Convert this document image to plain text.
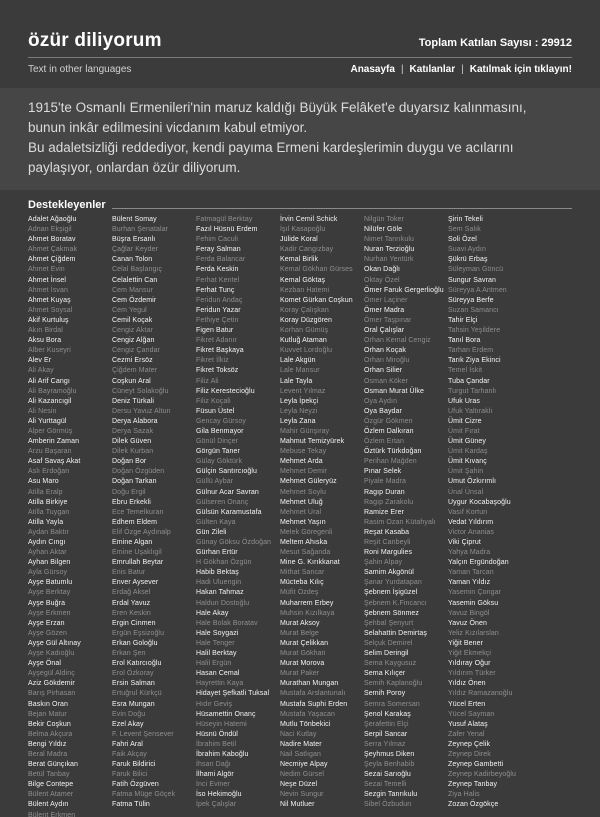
özür diliyorum	Toplam Katılan Sayısı : 29912
Text in other languages	Anasayfa | Katılanlar | Katılmak için tıklayın!
1915'te Osmanlı Ermenileri'nin maruz kaldığı Büyük Felâket'e duyarsız kalınmasını,
bunun inkâr edilmesini vicdanım kabul etmiyor.
Bu adaletsizliği reddediyor, kendi payıma Ermeni kardeşlerimin duygu ve acılarını
paylaşıyor, onlardan özür diliyorum.
Destekleyenler
Adalet Ağaoğlu
Adnan Ekşigil
Ahmet Boratav
Ahmet Çakmak
Ahmet Çiğdem
Ahmet Evin
Ahmet İnsel
Ahmet İsvan
Ahmet Kuyaş
Ahmet Soysal
Akif Kurtuluş
Akın Birdal
Aksu Bora
Alber Kuseyri
Alev Er
Ali Akay
Ali Arif Cangı
Ali Bayramoğlu
Ali Kazancıgil
Ali Nesin
Ali Yurttagül
Alper Görmüş
Amberin Zaman
Arzu Başaran
Asaf Savaş Akat
Aslı Erdoğan
Asu Maro
Atilla Eralp
Atilla Birkiye
Atilla Tuygan
Atilla Yayla
Aydan Baktır
Aydın Cıngı
Ayhan Aktar
Ayhan Bilgen
Ayla Gürsoy
Ayşe Batumlu
Ayşe Berktay
Ayşe Buğra
Ayşe Erkmen
Ayşe Erzan
Ayşe Gözen
Ayşe Gül Altınay
Ayşe Kadıoğlu
Ayşe Önal
Ayşegül Aldinç
Aziz Gökdemir
Barış Pirhasan
Baskın Oran
Bejan Matur
Bekir Coşkun
Belma Akçura
Bengi Yıldız
Beral Madra
Berat Günçıkan
Betül Tanbay
Bilge Contepe
Bülent Atamer
Bülent Aydın
Bülent Erkmen
Bülent Somay
Burhan Şenatalar
Büşra Ersanlı
Çağlar Keyder
Canan Tolon
Celal Başlangıç
Celalettin Can
Cem Mansur
Cem Özdemir
Cem Yegul
Cemil Koçak
Cengiz Aktar
Cengiz Alğan
Cengiz Çandar
Cezmi Ersöz
Çiğdem Mater
Coşkun Aral
Cüneyt Solakoğlu
Deniz Türkali
Dersu Yavuz Altun
Derya Alabora
Derya Sazak
Dilek Güven
Dilek Kurban
Doğan Bor
Doğan Özgüden
Doğan Tarkan
Doğu Ergil
Ebru Erkekli
Ece Temelkuran
Edhem Eldem
Elif Özge Aydınalp
Emine Algan
Emine Uşaklıgil
Emrullah Beytar
Enis Batur
Enver Aysever
Erdağ Aksel
Erdal Yavuz
Eren Keskin
Ergin Cinmen
Ergün Eşsizoğlu
Erkan Goloğlu
Erkan Şen
Erol Katırcıoğlu
Erol Özkoray
Ersin Salman
Ertuğrul Kürkçü
Esra Mungan
Evin Doğu
Ezel Akay
F. Levent Şensever
Fahri Aral
Faik Akçay
Faruk Bildirici
Faruk Bilici
Fatih Özgüven
Fatma Müge Göçek
Fatma Tülin
Fatmagül Berktay
Fazıl Hüsnü Erdem
Fehim Caculi
Feray Salman
Ferda Balancar
Ferda Keskin
Ferhat Kentel
Ferhat Tunç
Feridun Andaç
Feridun Yazar
Fethiye Çetin
Figen Batur
Fikret Adanır
Fikret Başkaya
Fikret İlkiz
Fikret Toksöz
Filiz Ali
Filiz Kerestecioğlu
Filiz Koçali
Füsun Üstel
Gencay Gürsoy
Gila Benmayor
Gönül Dinçer
Görgün Taner
Gülay Göktürk
Gülçin Santırcıoğlu
Güllü Aybar
Gülnur Acar Savran
Gülseren Onanç
Gülsün Karamustafa
Gülten Kaya
Gün Zileli
Günay Göksu Özdoğan
Gürhan Ertür
H Gökhan Özgün
Habib Bektaş
Hadi Uluengin
Hakan Tahmaz
Haldun Dostoğlu
Hale Akay
Hale Bolak Boratav
Hale Soygazi
Hale Tenger
Halil Berktay
Halil Ergün
Hasan Cemal
Hayrettin Kaya
Hidayet Şefkatli Tuksal
Hıdır Geviş
Hüsamettin Onanç
Hüseyin Hatemi
Hüsnü Öndül
İbrahim Betil
İbrahim Kaboğlu
İhsan Dağı
İlhami Algör
İnci Eviner
İso Hekimoğlu
İpek Çalışlar
İrvin Cemil Schick
İşıl Kasapoğlu
Jülide Koral
Kadir Cangızbay
Kemal Birlik
Kemal Gökhan Gürses
Kemal Göktaş
Kezban Hatemi
Komet Gürkan Coşkun
Koray Çalışkan
Koray Düzgören
Korhan Gümüş
Kutluğ Ataman
Kuvvet Lordoğlu
Lale Akgün
Lale Mansur
Lale Tayla
Levent Yılmaz
Leyla İpekçi
Leyla Neyzi
Leyla Zana
Mahir Günşıray
Mahmut Temizyürek
Mebuse Tekay
Mehmet Arda
Mehmet Demir
Mehmet Güleryüz
Mehmet Soylu
Mehmet Uluğ
Mehmet Ural
Mehmet Yaşın
Melek Göregenli
Meltem Ahıska
Mesut Sağanda
Mine G. Kırıkkanat
Mithat Sancar
Mücteba Kılıç
Müfit Özdeş
Muharrem Erbey
Muhsin Kızılkaya
Murat Aksoy
Murat Belge
Murat Çelikkan
Murat Gökhan
Murat Morova
Murat Paker
Murathan Mungan
Mustafa Arslantunalı
Mustafa Suphi Erden
Mustafa Yaşacan
Mutlu Tönbekici
Naci Kutlay
Nadire Mater
Nail Satlıgan
Necmiye Alpay
Nedim Gürsel
Neşe Düzel
Nevin Sungur
Nil Mutluer
Nilgün Toker
Nilüfer Göle
Nimet Tanrıkulu
Nuran Terzioğlu
Nurhan Yentürk
Okan Dağlı
Oktay Özel
Ömer Faruk Gergerlioğlu
Ömer Laçiner
Ömer Madra
Ömer Taşpınar
Oral Çalışlar
Orhan Kemal Cengiz
Orhan Koçak
Orhan Miroğlu
Orhan Silier
Osman Köker
Osman Murat Ülke
Oya Aydın
Oya Baydar
Özgür Gökmen
Özlem Dalkıran
Özlem Ertan
Öztürk Türkdoğan
Perihan Mağden
Pınar Selek
Piyale Madra
Ragıp Duran
Ragıp Zarakolu
Ramize Erer
Rasim Ozan Kütahyalı
Reşat Kasaba
Reşit Canbeyli
Roni Margulies
Şahin Alpay
Samim Akgönül
Şanar Yurdatapan
Şebnem İşigüzel
Şebnem K.Fincancı
Şebnem Sönmez
Şehbal Şenyurt
Selahattin Demirtaş
Selçuk Demirel
Selim Deringil
Sema Kaygusuz
Sema Kılıçer
Semih Kaplanoğlu
Semih Poroy
Semra Somersan
Şenol Karakaş
Şerafettin Elçi
Serpil Sancar
Serra Yılmaz
Şeyhmus Diken
Şeyla Benhabib
Sezai Sarıoğlu
Sezai Temelli
Sezgin Tanrıkulu
Sibel Özbudun
Şirin Tekeli
Sem Salık
Soli Özel
Suavi Aydın
Şükrü Erbaş
Süleyman Göncü
Sungur Savran
Süreyya A Antmen
Süreyya Berfe
Suzan Samancı
Tahir Elçi
Tahsin Yeşildere
Tanıl Bora
Tarhan Erdem
Tarık Ziya Ekinci
Temel İskit
Tuba Çandar
Turgut Tarhanlı
Ufuk Uras
Ufuk Yaltıraklı
Ümit Cizre
Ümit Fırat
Ümit Güney
Ümit Kardaş
Ümit Kıvanç
Ümit Şahin
Umut Özkırımlı
Ünal Ünsal
Uygur Kocabaşoğlu
Vasıf Kortun
Vedat Yıldırım
Victor Ananias
Viki Çiprut
Yahya Madra
Yalçın Ergündoğan
Yaman Tarcan
Yaman Yıldız
Yasemin Çongar
Yasemin Göksu
Yavuz Bingöl
Yavuz Önen
Yeliz Kızılarslan
Yiğit Bener
Yiğit Ekmekçi
Yıldıray Oğur
Yıldırım Türker
Yıldız Önen
Yıldız Ramazanoğlu
Yücel Erten
Yücel Sayman
Yusuf Alataş
Zafer Yenal
Zeynep Çelik
Zeynep Direk
Zeynep Gambetti
Zeynep Kadirbeyoğlu
Zeynep Tanbay
Ziya Halis
Zozan Özgökçe
